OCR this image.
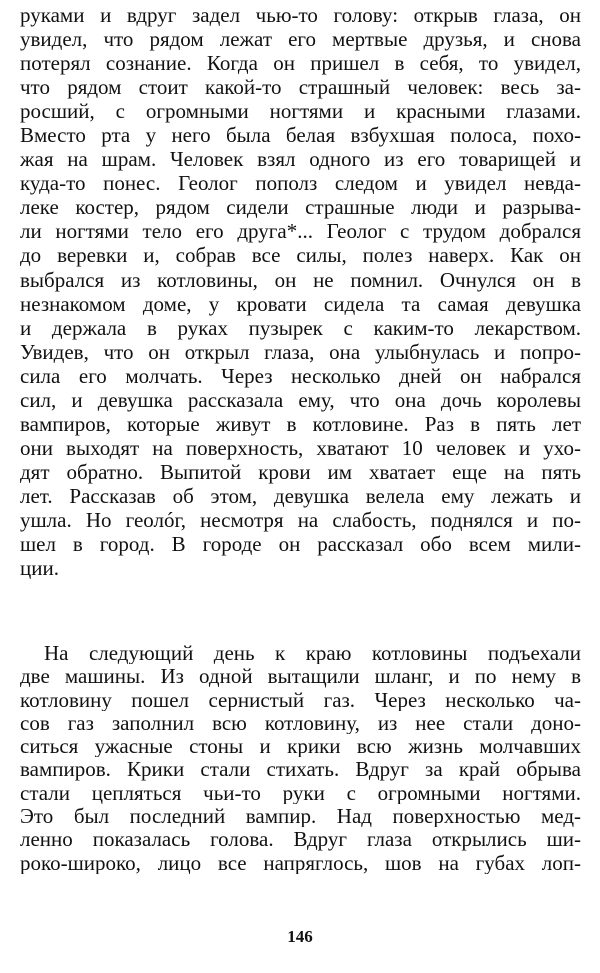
руками и вдруг задел чью-то голову: открыв глаза, он
увидел, что рядом лежат его мертвые друзья, и снова
потерял сознание. Когда он пришел в себя, то увидел,
что рядом стоит какой-то страшный человек: весь за-
росший, с огромными ногтями и красными глазами.
Вместо рта у него была белая взбухшая полоса, похо-
жая на шрам. Человек взял одного из его товарищей и
куда-то понес. Геолог пополз следом и увидел невда-
леке костер, рядом сидели страшные люди и разрыва-
ли ногтями тело его друга*... Геолог с трудом добрался
до веревки и, собрав все силы, полез наверх. Как он
выбрался из котловины, он не помнил. Очнулся он в
незнакомом доме, у кровати сидела та самая девушка
и держала в руках пузырек с каким-то лекарством.
Увидев, что он открыл глаза, она улыбнулась и попро-
сила его молчать. Через несколько дней он набрался
сил, и девушка рассказала ему, что она дочь королевы
вампиров, которые живут в котловине. Раз в пять лет
они выходят на поверхность, хватают 10 человек и ухо-
дят обратно. Выпитой крови им хватает еще на пять
лет. Рассказав об этом, девушка велела ему лежать и
ушла. Но геолóг, несмотря на слабость, поднялся и по-
шел в город. В городе он рассказал обо всем мили-
ции.
На следующий день к краю котловины подъехали
две машины. Из одной вытащили шланг, и по нему в
котловину пошел сернистый газ. Через несколько ча-
сов газ заполнил всю котловину, из нее стали доно-
ситься ужасные стоны и крики всю жизнь молчавших
вампиров. Крики стали стихать. Вдруг за край обрыва
стали цепляться чьи-то руки с огромными ногтями.
Это был последний вампир. Над поверхностью мед-
ленно показалась голова. Вдруг глаза открылись ши-
роко-широко, лицо все напряглось, шов на губах лоп-
146
